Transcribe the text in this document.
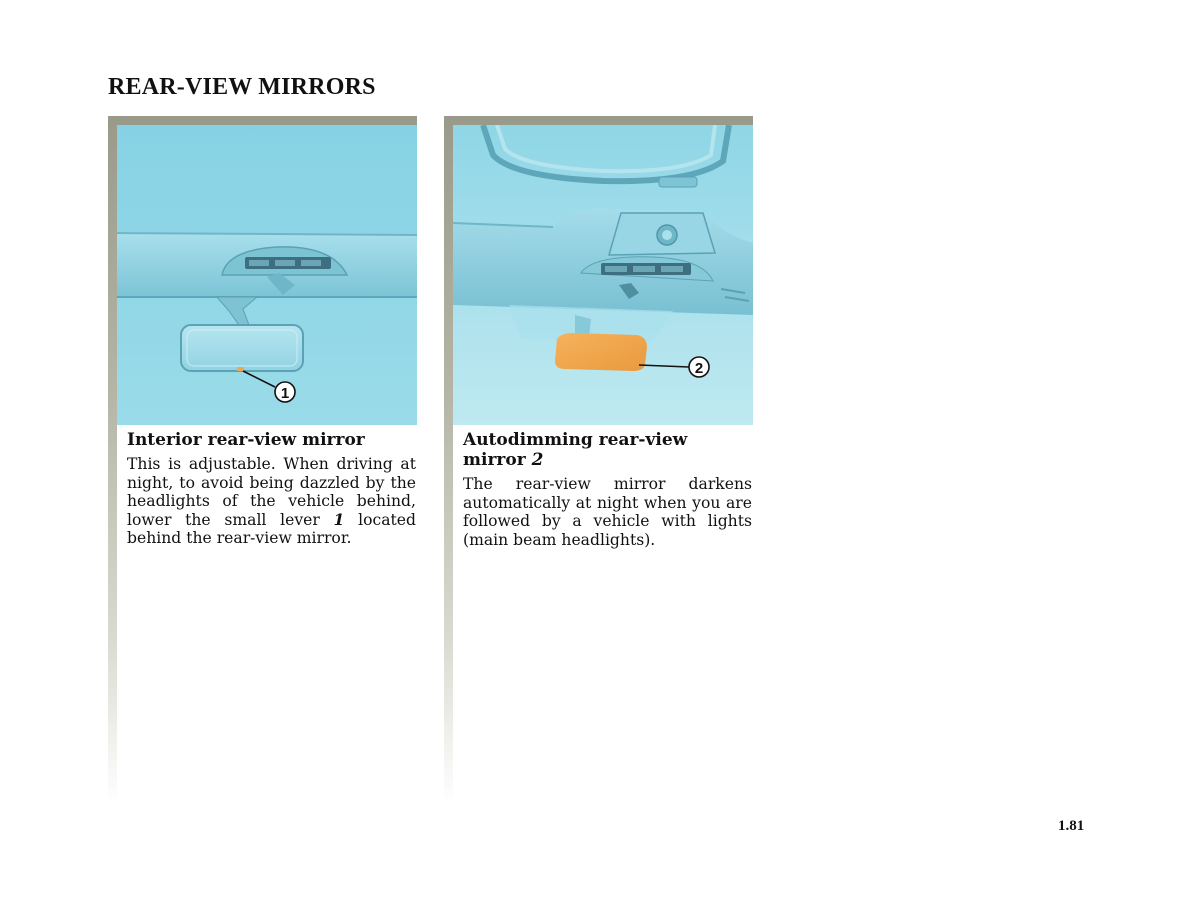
REAR-VIEW MIRRORS
1
Interior rear-view mirror

This is adjustable. When driving at night, to avoid being dazzled by the headlights of the vehicle behind, lower the small lever 1 located behind the rear-view mirror.

2
Autodimming rear-view mirror 2

The rear-view mirror darkens automatically at night when you are followed by a vehicle with lights (main beam headlights).

1.81
